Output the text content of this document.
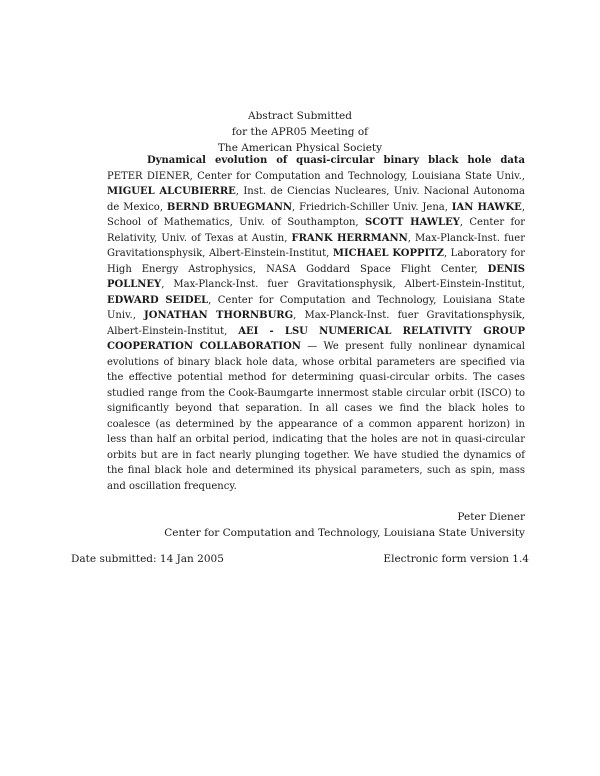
Abstract Submitted
for the APR05 Meeting of
The American Physical Society
Dynamical evolution of quasi-circular binary black hole data PETER DIENER, Center for Computation and Technology, Louisiana State Univ., MIGUEL ALCUBIERRE, Inst. de Ciencias Nucleares, Univ. Nacional Autonoma de Mexico, BERND BRUEGMANN, Friedrich-Schiller Univ. Jena, IAN HAWKE, School of Mathematics, Univ. of Southampton, SCOTT HAWLEY, Center for Relativity, Univ. of Texas at Austin, FRANK HERRMANN, Max-Planck-Inst. fuer Gravitationsphysik, Albert-Einstein-Institut, MICHAEL KOPPITZ, Laboratory for High Energy Astrophysics, NASA Goddard Space Flight Center, DENIS POLLNEY, Max-Planck-Inst. fuer Gravitationsphysik, Albert-Einstein-Institut, EDWARD SEIDEL, Center for Computation and Technology, Louisiana State Univ., JONATHAN THORNBURG, Max-Planck-Inst. fuer Gravitationsphysik, Albert-Einstein-Institut, AEI - LSU NUMERICAL RELATIVITY GROUP COOPERATION COLLABORATION — We present fully nonlinear dynamical evolutions of binary black hole data, whose orbital parameters are specified via the effective potential method for determining quasi-circular orbits. The cases studied range from the Cook-Baumgarte innermost stable circular orbit (ISCO) to significantly beyond that separation. In all cases we find the black holes to coalesce (as determined by the appearance of a common apparent horizon) in less than half an orbital period, indicating that the holes are not in quasi-circular orbits but are in fact nearly plunging together. We have studied the dynamics of the final black hole and determined its physical parameters, such as spin, mass and oscillation frequency.
Peter Diener
Center for Computation and Technology, Louisiana State University
Date submitted: 14 Jan 2005	Electronic form version 1.4
